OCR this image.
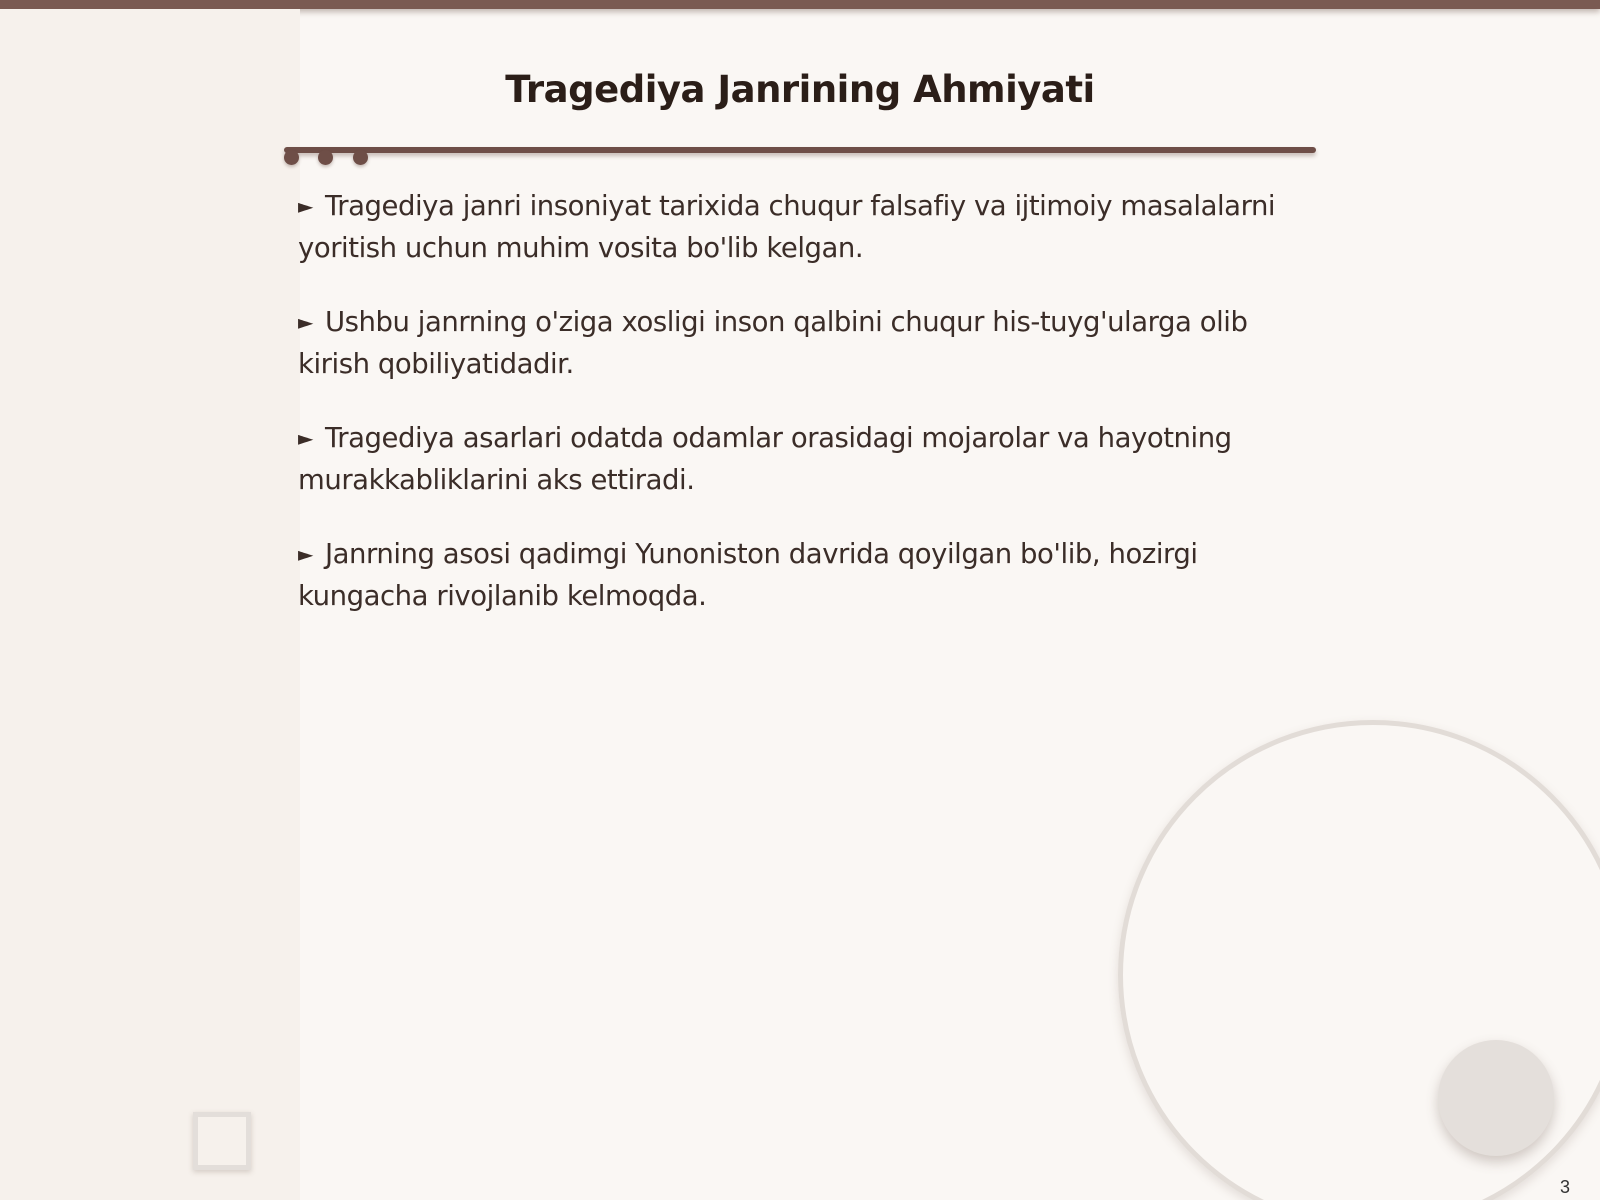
Tragediya Janrining Ahmiyati
► Tragediya janri insoniyat tarixida chuqur falsafiy va ijtimoiy masalalarni yoritish uchun muhim vosita bo'lib kelgan.
► Ushbu janrning o'ziga xosligi inson qalbini chuqur his-tuyg'ularga olib kirish qobiliyatidadir.
► Tragediya asarlari odatda odamlar orasidagi mojarolar va hayotning murakkabliklarini aks ettiradi.
► Janrning asosi qadimgi Yunoniston davrida qoyilgan bo'lib, hozirgi kungacha rivojlanib kelmoqda.
3
